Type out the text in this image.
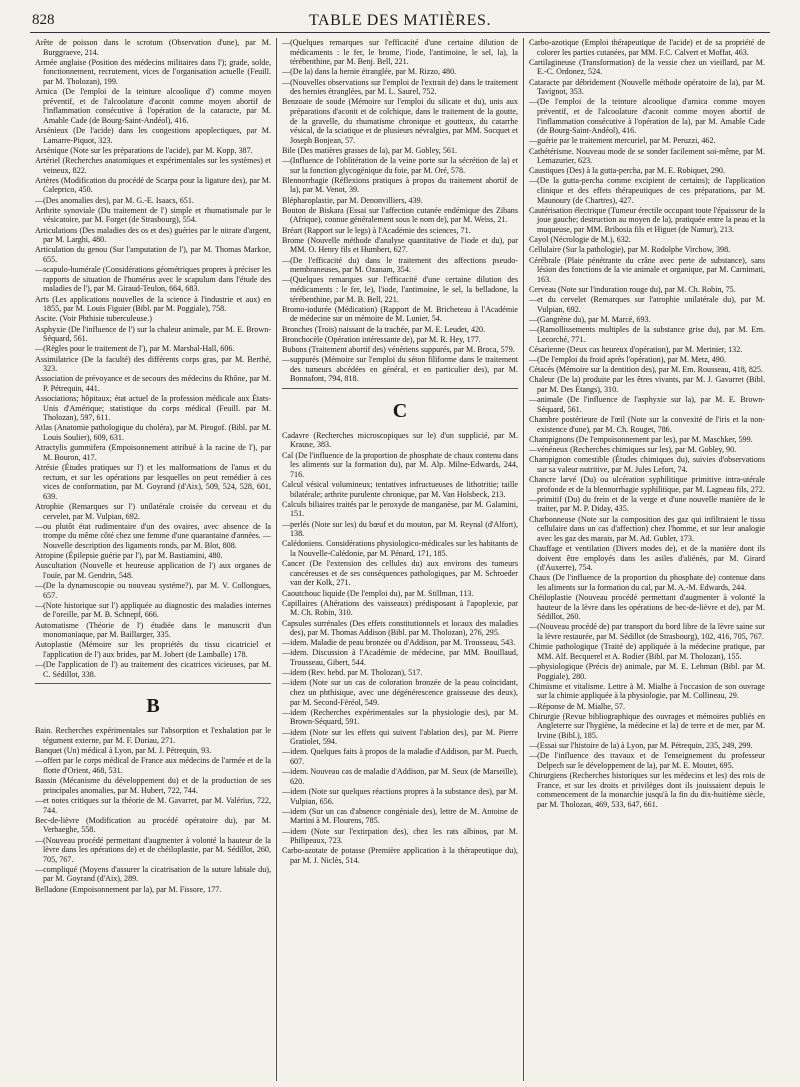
828	TABLE DES MATIÈRES.

Arête de poisson dans le scrotum (Observation d'une), par M. Burggraeve, 214.

Armée anglaise (Position des médecins militaires dans l'); grade, solde, fonctionnement, recrutement, vices de l'organisation actuelle (Feuill. par M. Tholozan), 199.

Arnica (De l'emploi de la teinture alcoolique d') comme moyen préventif, et de l'alcoolature d'aconit comme moyen abortif de l'inflammation consécutive à l'opération de la cataracte, par M. Amable Cade (de Bourg-Saint-Andéol), 416.

Arsénieux (De l'acide) dans les congestions apoplectiques, par M. Lamarre-Piquot, 323.

Arsénique (Note sur les préparations de l'acide), par M. Kopp, 387.

Artériel (Recherches anatomiques et expérimentales sur les systèmes) et veineux, 822.

Artères (Modification du procédé de Scarpa pour la ligature des), par M. Caleprico, 450.

—(Des anomalies des), par M. G.-E. Isaacs, 651.

Arthrite synoviale (Du traitement de l') simple et rhumatismale par le vésicatoire, par M. Forget (de Strasbourg), 554.

Articulations (Des maladies des os et des) guéries par le nitrate d'argent, par M. Larghi, 480.

Articulation du genou (Sur l'amputation de l'), par M. Thomas Markoe, 655.

—scapulo-humérale (Considérations géométriques propres à préciser les rapports de situation de l'humérus avec le scapulum dans l'étude des maladies de l'), par M. Giraud-Teulon, 664, 683.

Arts (Les applications nouvelles de la science à l'industrie et aux) en 1855, par M. Louis Figuier (Bibl. par M. Poggiale), 758.

Ascite. (Voir Phthisie tuberculeuse.)

Asphyxie (De l'influence de l') sur la chaleur animale, par M. E. Brown-Séquard, 561.

—(Règles pour le traitement de l'), par M. Marshal-Hall, 606.

Assimilatrice (De la faculté) des différents corps gras, par M. Berthé, 323.

Association de prévoyance et de secours des médecins du Rhône, par M. P. Pétrequin, 441.

Associations; hôpitaux; état actuel de la profession médicale aux États-Unis d'Amérique; statistique du corps médical (Feuill. par M. Tholozan), 597, 611.

Atlas (Anatomie pathologique du choléra), par M. Pirogof. (Bibl. par M. Louis Soulier), 609, 631.

Atractylis gummifera (Empoisonnement attribué à la racine de l'), par M. Bouron, 417.

Atrésie (Études pratiques sur l') et les malformations de l'anus et du rectum, et sur les opérations par lesquelles on peut remédier à ces vices de conformation, par M. Goyrand (d'Aix), 509, 524, 528, 601, 639.

Atrophie (Remarques sur l') unilatérale croisée du cerveau et du cervelet, par M. Vulpian, 692.

—ou plutôt état rudimentaire d'un des ovaires, avec absence de la trompe du même côté chez une femme d'une quarantaine d'années. — Nouvelle description des ligaments ronds, par M. Blot, 808.

Atropine (Épilepsie guérie par l'), par M. Bastiamini, 480.

Auscultation (Nouvelle et heureuse application de l') aux organes de l'ouïe, par M. Gendrin, 548.

—(De la dynamoscopie ou nouveau systéme?), par M. V. Collongues, 657.

—(Note historique sur l') appliquée au diagnostic des maladies internes de l'oreille, par M. B. Schnepf, 666.

Automatisme (Théorie de l') étudiée dans le manuscrit d'un monomaniaque, par M. Baillarger, 335.

Autoplastie (Mémoire sur les propriétés du tissu cicatriciel et l'application de l') aux brides, par M. Jobert (de Lamballe) 178.

—(De l'application de l') au traitement des cicatrices vicieuses, par M. C. Sédillot, 338.

B

Bain. Recherches expérimentales sur l'absorption et l'exhalation par le tégument externe, par M. F. Duriau, 271.

Banquet (Un) médical à Lyon, par M. J. Pétrequin, 93.

—offert par le corps médical de France aux médecins de l'armée et de la flotte d'Orient, 468, 531.

Bassin (Mécanisme du développement du) et de la production de ses principales anomalies, par M. Hubert, 722, 744.

—et notes critiques sur la théorie de M. Gavarret, par M. Valérius, 722, 744.

Bec-de-lièvre (Modification au procédé opératoire du), par M. Verbaeghe, 558.

—(Nouveau procédé permettant d'augmenter à volonté la hauteur de la lèvre dans les opérations de) et de chéiloplastie, par M. Sédillot, 260, 705, 767.

—compliqué (Moyens d'assurer la cicatrisation de la suture labiale du), par M. Goyrand (d'Aix), 289.

Belladone (Empoisonnement par la), par M. Fissore, 177.

—(Quelques remarques sur l'efficacité d'une certaine dilution de médicaments : le fer, le brome, l'iode, l'antimoine, le sel, la), la térébenthine, par M. Benj. Bell, 221.

—(De la) dans la hernie étranglée, par M. Rizzo, 480.

—(Nouvelles observations sur l'emploi de l'extrait de) dans le traitement des hernies étranglées, par M. L. Saurel, 752.

Benzoate de soude (Mémoire sur l'emploi du silicate et du), unis aux préparations d'aconit et de colchique, dans le traitement de la goutte, de la gravelle, du rhumatisme chronique et goutteux, du catarrhe vésical, de la sciatique et de plusieurs névralgies, par MM. Socquet et Joseph Bonjean, 57.

Bile (Des matières grasses de la), par M. Gobley, 561.

—(Influence de l'oblitération de la veine porte sur la sécrétion de la) et sur la fonction glycogénique du foie, par M. Oré, 578.

Blennorrhagie (Réflexions pratiques à propos du traitement abortif de la), par M. Venot, 39.

Blépharoplastie, par M. Denonvilliers, 439.

Bouton de Biskara (Essai sur l'affection cutanée endémique des Zibans (Afrique), connue généralement sous le nom de), par M. Weiss, 21.

Bréart (Rapport sur le legs) à l'Académie des sciences, 71.

Brome (Nouvelle méthode d'analyse quantitative de l'iode et du), par MM. O. Henry fils et Humbert, 627.

—(De l'efficacité du) dans le traitement des affections pseudo-membraneuses, par M. Ozanam, 354.

—(Quelques remarques sur l'efficacité d'une certaine dilution des médicaments : le fer, le), l'iode, l'antimoine, le sel, la belladone, la térébenthine, par M. B. Bell, 221.

Bromo-iodurée (Médication) (Rapport de M. Bricheteau à l'Académie de médecine sur un mémoire de M. Lunier, 54.

Bronches (Trois) naissant de la trachée, par M. E. Leudet, 420.

Bronchocèle (Opération intéressante de), par M. R. Hey, 177.

Bubons (Traitement abortif des) vénériens suppurés, par M. Broca, 579.

—suppurés (Mémoire sur l'emploi du séton filiforme dans le traitement des tumeurs abcédées en général, et en particulier des), par M. Bonnafont, 794, 818.

C

Cadavre (Recherches microscopiques sur le) d'un supplicié, par M. Krause, 383.

Cal (De l'influence de la proportion de phosphate de chaux contenu dans les aliments sur la formation du), par M. Alp. Milne-Edwards, 244, 716.

Calcul vésical volumineux; tentatives infructueuses de lithotritie; taille bilatérale; arthrite purulente chronique, par M. Van Holsbeck, 213.

Calculs biliaires traités par le peroxyde de manganèse, par M. Galamini, 151.

—perlés (Note sur les) du bœuf et du mouton, par M. Reynal (d'Alfort), 138.

Calédoniens. Considérations physiologico-médicales sur les habitants de la Nouvelle-Calédonie, par M. Pénard, 171, 185.

Cancer (De l'extension des cellules du) aux environs des tumeurs cancéreuses et de ses conséquences pathologiques, par M. Schroeder van der Kolk, 271.

Caoutchouc liquide (De l'emploi du), par M. Stillman, 113.

Capillaires (Altérations des vaisseaux) prédisposant à l'apoplexie, par M. Ch. Robin, 310.

Capsules surrénales (Des effets constitutionnels et locaux des maladies des), par M. Thomas Addison (Bibl. par M. Tholozan), 276, 295.

—idem. Maladie de peau bronzée ou d'Addison, par M. Trousseau, 543.

—idem. Discussion à l'Académie de médecine, par MM. Bouillaud, Trousseau, Gibert, 544.

—idem (Rev. hebd. par M. Tholozan), 517.

—idem (Note sur un cas de coloration bronzée de la peau coïncidant, chez un phthisique, avec une dégénérescence graisseuse des deux), par M. Second-Féréol, 549.

—idem (Recherches expérimentales sur la physiologie des), par M. Brown-Séquard, 591.

—idem (Note sur les effets qui suivent l'ablation des), par M. Pierre Gratiolet, 594.

—idem. Quelques faits à propos de la maladie d'Addison, par M. Puech, 607.

—idem. Nouveau cas de maladie d'Addison, par M. Seux (de Marseille), 620.

—idem (Note sur quelques réactions propres à la substance des), par M. Vulpian, 656.

—idem (Sur un cas d'absence congéniale des), lettre de M. Antoine de Martini à M. Flourens, 785.

—idem (Note sur l'extirpation des), chez les rats albinos, par M. Philipeaux, 723.

Carbo-azotate de potasse (Première application à la thérapeutique du), par M. J. Niclès, 514.

Carbo-azotique (Emploi thérapeutique de l'acide) et de sa propriété de colorer les parties cutanées, par MM. F.C. Calvert et Moffat, 463.

Cartilagineuse (Transformation) de la vessie chez un vieillard, par M. E.-C. Ordonez, 524.

Cataracte par débridement (Nouvelle méthode opératoire de la), par M. Tavignot, 353.

—(De l'emploi de la teinture alcoolique d'arnica comme moyen préventif, et de l'alcoolature d'aconit comme moyen abortif de l'inflammation consécutive à l'opération de la), par M. Amable Cade (de Bourg-Saint-Andéol), 416.

—guérie par le traitement mercuriel, par M. Peruzzi, 462.

Cathétérisme. Nouveau mode de se sonder facilement soi-même, par M. Lemazurier, 623.

Caustiques (Des) à la gutta-percha, par M. E. Robiquet, 290.

—(De la gutta-percha comme excipient de certains); de l'application clinique et des effets thérapeutiques de ces préparations, par M. Maunoury (de Chartres), 427.

Cautérisation électrique (Tumeur érectile occupant toute l'épaisseur de la joue gauche; destruction au moyen de la), pratiquée entre la peau et la muqueuse, par MM. Bribosia fils et Higuet (de Namur), 213.

Cayol (Nécrologie de M.), 632.

Cellulaire (Sur la pathologie), par M. Rodolphe Virchow, 398.

Cérébrale (Plaie pénétrante du crâne avec perte de substance), sans lésion des fonctions de la vie animale et organique, par M. Carnimati, 163.

Cerveau (Note sur l'induration rouge du), par M. Ch. Robin, 75.

—et du cervelet (Remarques sur l'atrophie unilatérale du), par M. Vulpian, 692.

—(Gangrène du), par M. Marcé, 693.

—(Ramollissements multiples de la substance grise du), par M. Ern. Lecorché, 771.

Césarienne (Deux cas heureux d'opération), par M. Merinier, 132.

—(De l'emploi du froid après l'opération), par M. Metz, 490.

Cétacés (Mémoire sur la dentition des), par M. Em. Rousseau, 418, 825.

Chaleur (De la) produite par les êtres vivants, par M. J. Gavarret (Bibl. par M. Des Étangs), 310.

—animale (De l'influence de l'asphyxie sur la), par M. E. Brown-Séquard, 561.

Chambre postérieure de l'œil (Note sur la convexité de l'iris et la non-existence d'une), par M. Ch. Rouget, 786.

Champignons (De l'empoisonnement par les), par M. Maschker, 599.

—vénéneux (Recherches chimiques sur les), par M. Gobley, 90.

Champignon comestible (Études chimiques du), suivies d'observations sur sa valeur nutritive, par M. Jules Lefort, 74.

Chancre larvé (Du) ou ulcération syphilitique primitive intra-utérale profonde et de la blennorrhagie syphilitique, par M. Lagneau fils, 272.

—primitif (Du) du frein et de la verge et d'une nouvelle manière de le traiter, par M. P. Diday, 435.

Charbonneuse (Note sur la composition des gaz qui infiltraient le tissu cellulaire dans un cas d'affection) chez l'homme, et sur leur analogie avec les gaz des marais, par M. Ad. Gubler, 173.

Chauffage et ventilation (Divers modes de), et de la manière dont ils doivent être employés dans les asiles d'aliénés, par M. Girard (d'Auxerre), 754.

Chaux (De l'influence de la proportion du phosphate de) contenue dans les aliments sur la formation du cal, par M. A.-M. Edwards, 244.

Chéiloplastie (Nouveau procédé permettant d'augmenter à volonté la hauteur de la lèvre dans les opérations de bec-de-lièvre et de), par M. Sédillot, 260.

—(Nouveau procédé de) par transport du bord libre de la lèvre saine sur la lèvre restaurée, par M. Sédillot (de Strasbourg), 102, 416, 705, 767.

Chimie pathologique (Traité de) appliquée à la médecine pratique, par MM. Alf. Becquerel et A. Rodier (Bibl. par M. Tholozan), 155.

—physiologique (Précis de) animale, par M. E. Lehman (Bibl. par M. Poggiale), 280.

Chimisme et vitalisme. Lettre à M. Mialhe à l'occasion de son ouvrage sur la chimie appliquée à la physiologie, par M. Collineau, 29.

—Réponse de M. Mialhe, 57.

Chirurgie (Revue bibliographique des ouvrages et mémoires publiés en Angleterre sur l'hygiène, la médecine et la) de terre et de mer, par M. Irvine (Bibl.), 185.

—(Essai sur l'histoire de la) à Lyon, par M. Pétrequin, 235, 249, 299.

—(De l'influence des travaux et de l'enseignement du professeur Delpech sur le développement de la), par M. E. Moutet, 695.

Chirurgiens (Recherches historiques sur les médecins et les) des rois de France, et sur les droits et privilèges dont ils jouissaient depuis le commencement de la monarchie jusqu'à la fin du dix-huitième siècle, par M. Tholozan, 469, 533, 647, 661.
